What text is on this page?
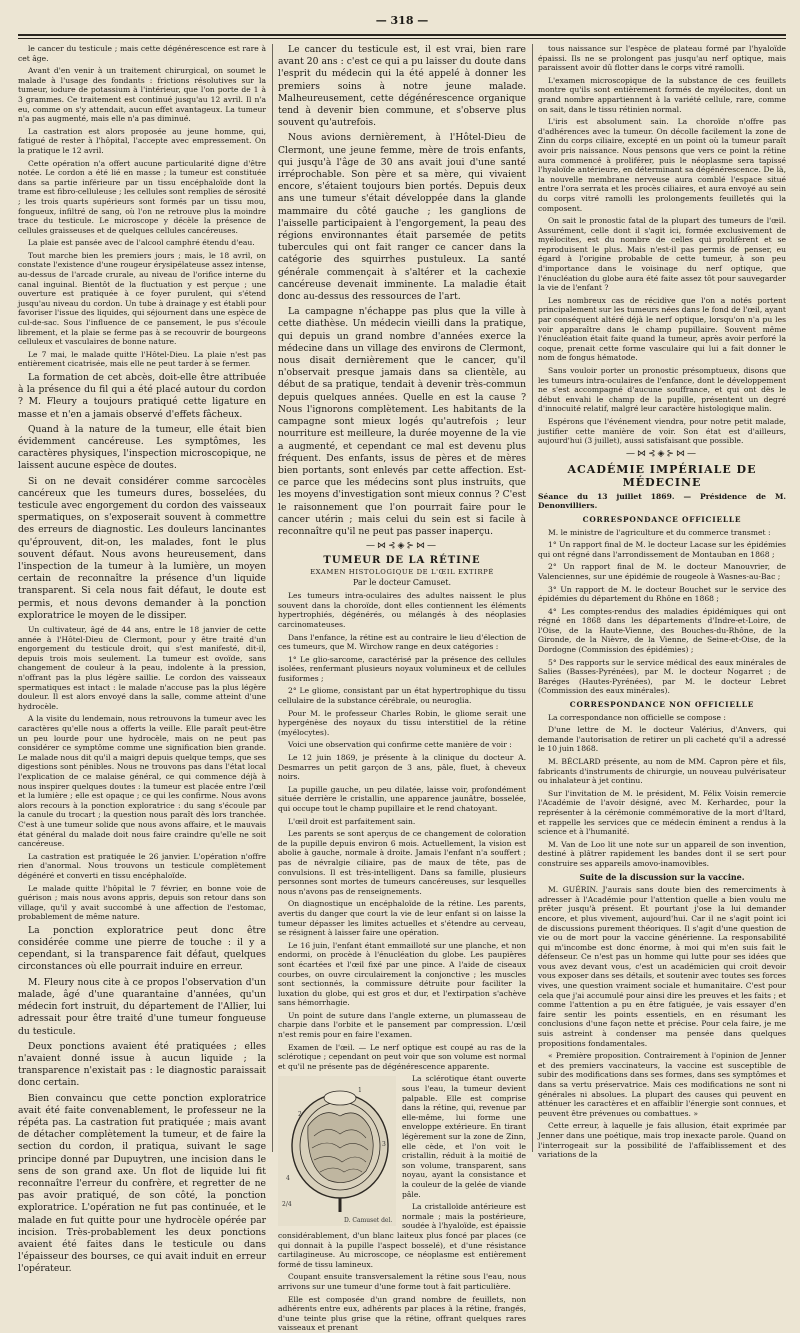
— 318 —

le cancer du testicule ; mais cette dégénérescence est rare à cet âge.

Avant d'en venir à un traitement chirurgical, on soumet le malade à l'usage des fondants : frictions résolutives sur la tumeur, iodure de potassium à l'intérieur, que l'on porte de 1 à 3 grammes. Ce traitement est continué jusqu'au 12 avril. Il n'a eu, comme on s'y attendait, aucun effet avantageux. La tumeur n'a pas augmenté, mais elle n'a pas diminué.

La castration est alors proposée au jeune homme, qui, fatigué de rester à l'hôpital, l'accepte avec empressement. On la pratique le 12 avril.

Cette opération n'a offert aucune particularité digne d'être notée. Le cordon a été lié en masse ; la tumeur est constituée dans sa partie inférieure par un tissu encéphaloïde dont la trame est fibro-celluleuse ; les cellules sont remplies de sérosité ; les trois quarts supérieurs sont formés par un tissu mou, fongueux, infiltré de sang, où l'on ne retrouve plus la moindre trace du testicule. Le microscope y décèle la présence de cellules graisseuses et de quelques cellules cancéreuses.

La plaie est pansée avec de l'alcool camphré étendu d'eau.

Tout marche bien les premiers jours ; mais, le 18 avril, on constate l'existence d'une rougeur érysipélateuse assez intense, au-dessus de l'arcade crurale, au niveau de l'orifice interne du canal inguinal. Bientôt de la fluctuation y est perçue ; une ouverture est pratiquée à ce foyer purulent, qui s'étend jusqu'au niveau du cordon. Un tube à drainage y est établi pour favoriser l'issue des liquides, qui séjournent dans une espèce de cul-de-sac. Sous l'influence de ce pansement, le pus s'écoule librement, et la plaie se ferme pas à se recouvrir de bourgeons celluleux et vasculaires de bonne nature.

Le 7 mai, le malade quitte l'Hôtel-Dieu. La plaie n'est pas entièrement cicatrisée, mais elle ne peut tarder à se fermer.

La formation de cet abcès, doit-elle être attribuée à la présence du fil qui a été placé autour du cordon ? M. Fleury a toujours pratiqué cette ligature en masse et n'en a jamais observé d'effets fâcheux.

Quand à la nature de la tumeur, elle était bien évidemment cancéreuse. Les symptômes, les caractères physiques, l'inspection microscopique, ne laissent aucune espèce de doutes.

Si on ne devait considérer comme sarcocèles cancéreux que les tumeurs dures, bosselées, du testicule avec engorgement du cordon des vaisseaux spermatiques, on s'exposerait souvent à commettre des erreurs de diagnostic. Les douleurs lancinantes qu'éprouvent, dit-on, les malades, font le plus souvent défaut. Nous avons heureusement, dans l'inspection de la tumeur à la lumière, un moyen certain de reconnaître la présence d'un liquide transparent. Si cela nous fait défaut, le doute est permis, et nous devons demander à la ponction exploratrice le moyen de le dissiper.

Un cultivateur, âgé de 44 ans, entre le 18 janvier de cette année à l'Hôtel-Dieu de Clermont, pour y être traité d'un engorgement du testicule droit, qui s'est manifesté, dit-il, depuis trois mois seulement. La tumeur est ovoïde, sans changement de couleur à la peau, indolente à la pression, n'offrant pas la plus légère saillie. Le cordon des vaisseaux spermatiques est intact : le malade n'accuse pas la plus légère douleur. Il est alors envoyé dans la salle, comme atteint d'une hydrocèle.

A la visite du lendemain, nous retrouvons la tumeur avec les caractères qu'elle nous a offerts la veille. Elle paraît peut-être un peu lourde pour une hydrocèle, mais on ne peut pas considérer ce symptôme comme une signification bien grande. Le malade nous dit qu'il a maigri depuis quelque temps, que ses digestions sont pénibles. Nous ne trouvons pas dans l'état local l'explication de ce malaise général, ce qui commence déjà à nous inspirer quelques doutes : la tumeur est placée entre l'œil et la lumière ; elle est opaque ; ce qui les confirme. Nous avons alors recours à la ponction exploratrice : du sang s'écoule par la canule du trocart ; la question nous paraît dès lors tranchée. C'est à une tumeur solide que nous avons affaire, et le mauvais état général du malade doit nous faire craindre qu'elle ne soit cancéreuse.

La castration est pratiquée le 26 janvier. L'opération n'offre rien d'anormal. Nous trouvons un testicule complètement dégénéré et converti en tissu encéphaloïde.

Le malade quitte l'hôpital le 7 février, en bonne voie de guérison ; mais nous avons appris, depuis son retour dans son village, qu'il y avait succombé à une affection de l'estomac, probablement de même nature.

La ponction exploratrice peut donc être considérée comme une pierre de touche : il y a cependant, si la transparence fait défaut, quelques circonstances où elle pourrait induire en erreur.

M. Fleury nous cite à ce propos l'observation d'un malade, âgé d'une quarantaine d'années, qu'un médecin fort instruit, du département de l'Allier, lui adressait pour être traité d'une tumeur fongueuse du testicule.

Deux ponctions avaient été pratiquées ; elles n'avaient donné issue à aucun liquide ; la transparence n'existait pas : le diagnostic paraissait donc certain.

Bien convaincu que cette ponction exploratrice avait été faite convenablement, le professeur ne la répéta pas. La castration fut pratiquée ; mais avant de détacher complètement la tumeur, et de faire la section du cordon, il pratiqua, suivant le sage principe donné par Dupuytren, une incision dans le sens de son grand axe. Un flot de liquide lui fit reconnaître l'erreur du confrère, et regretter de ne pas avoir pratiqué, de son côté, la ponction exploratrice. L'opération ne fut pas continuée, et le malade en fut quitte pour une hydrocèle opérée par incision. Très-probablement les deux ponctions avaient été faites dans le testicule ou dans l'épaisseur des bourses, ce qui avait induit en erreur l'opérateur.

Le cancer du testicule est, il est vrai, bien rare avant 20 ans : c'est ce qui a pu laisser du doute dans l'esprit du médecin qui la été appelé à donner les premiers soins à notre jeune malade. Malheureusement, cette dégénérescence organique tend à devenir bien commune, et s'observe plus souvent qu'autrefois.

Nous avions dernièrement, à l'Hôtel-Dieu de Clermont, une jeune femme, mère de trois enfants, qui jusqu'à l'âge de 30 ans avait joui d'une santé irréprochable. Son père et sa mère, qui vivaient encore, s'étaient toujours bien portés. Depuis deux ans une tumeur s'était développée dans la glande mammaire du côté gauche ; les ganglions de l'aisselle participaient à l'engorgement, la peau des régions environnantes était parsemée de petits tubercules qui ont fait ranger ce cancer dans la catégorie des squirrhes pustuleux. La santé générale commençait à s'altérer et la cachexie cancéreuse devenait imminente. La maladie était donc au-dessus des ressources de l'art.

La campagne n'échappe pas plus que la ville à cette diathèse. Un médecin vieilli dans la pratique, qui depuis un grand nombre d'années exerce la médecine dans un village des environs de Clermont, nous disait dernièrement que le cancer, qu'il n'observait presque jamais dans sa clientèle, au début de sa pratique, tendait à devenir très-commun depuis quelques années. Quelle en est la cause ? Nous l'ignorons complètement. Les habitants de la campagne sont mieux logés qu'autrefois ; leur nourriture est meilleure, la durée moyenne de la vie a augmenté, et cependant ce mal est devenu plus fréquent. Des enfants, issus de pères et de mères bien portants, sont enlevés par cette affection. Est-ce parce que les médecins sont plus instruits, que les moyens d'investigation sont mieux connus ? C'est le raisonnement que l'on pourrait faire pour le cancer utérin ; mais celui du sein est si facile à reconnaître qu'il ne peut pas passer inaperçu.

—⋈⊰◈⊱⋈—

TUMEUR DE LA RÉTINE

EXAMEN HISTOLOGIQUE DE L'ŒIL EXTIRPÉ

Par le docteur Camuset.

Les tumeurs intra-oculaires des adultes naissent le plus souvent dans la choroïde, dont elles contiennent les éléments hypertrophiés, dégénérés, ou mélangés à des néoplasies carcinomateuses.

Dans l'enfance, la rétine est au contraire le lieu d'élection de ces tumeurs, que M. Wirchow range en deux catégories :

1° Le glio-sarcome, caractérisé par la présence des cellules isolées, renfermant plusieurs noyaux volumineux et de cellules fusiformes ;

2° Le gliome, consistant par un état hypertrophique du tissu cellulaire de la substance cérébrale, ou neuroglia.

Pour M. le professeur Charles Robin, le gliome serait une hypergénèse des noyaux du tissu interstitiel de la rétine (myélocytes).

Voici une observation qui confirme cette manière de voir :

Le 12 juin 1869, je présente à la clinique du docteur A. Desmarres un petit garçon de 3 ans, pâle, fluet, à cheveux noirs.

La pupille gauche, un peu dilatée, laisse voir, profondément située derrière le cristallin, une apparence jaunâtre, bosselée, qui occupe tout le champ pupillaire et le rend chatoyant.

L'œil droit est parfaitement sain.

Les parents se sont aperçus de ce changement de coloration de la pupille depuis environ 6 mois. Actuellement, la vision est abolie à gauche, normale à droite. Jamais l'enfant n'a souffert ; pas de névralgie ciliaire, pas de maux de tête, pas de convulsions. Il est très-intelligent. Dans sa famille, plusieurs personnes sont mortes de tumeurs cancéreuses, sur lesquelles nous n'avons pas de renseignements.

On diagnostique un encéphaloïde de la rétine. Les parents, avertis du danger que court la vie de leur enfant si on laisse la tumeur dépasser les limites actuelles et s'étendre au cerveau, se résignent à laisser faire une opération.

Le 16 juin, l'enfant étant emmailloté sur une planche, et non endormi, on procède à l'énucléation du globe. Les paupières sont écartées et l'œil fixé par une pince. A l'aide de ciseaux courbes, on ouvre circulairement la conjonctive ; les muscles sont sectionnés, la commissure détruite pour faciliter la luxation du globe, qui est gros et dur, et l'extirpation s'achève sans hémorrhagie.

Un point de suture dans l'angle externe, un plumasseau de charpie dans l'orbite et le pansement par compression. L'œil n'est remis pour en faire l'examen.

Examen de l'œil. — Le nerf optique est coupé au ras de la sclérotique ; cependant on peut voir que son volume est normal et qu'il ne présente pas de dégénérescence apparente.

1
2
3
4
2/4
D. Camuset del.

La sclérotique étant ouverte sous l'eau, la tumeur devient palpable. Elle est comprise dans la rétine, qui, revenue par elle-même, lui forme une enveloppe extérieure. En tirant légèrement sur la zone de Zinn, elle cède, et l'on voit le cristallin, réduit à la moitié de son volume, transparent, sans noyau, ayant la consistance et la couleur de la gelée de viande pâle.

La cristalloïde antérieure est normale ; mais la postérieure, soudée à l'hyaloïde, est épaissie considérablement, d'un blanc laiteux plus foncé par places (ce qui donnait à la pupille l'aspect bosselé), et d'une résistance cartilagineuse. Au microscope, ce néoplasme est entièrement formé de tissu lamineux.

Coupant ensuite transversalement la rétine sous l'eau, nous arrivons sur une tumeur d'une forme tout à fait particulière.

Elle est composée d'un grand nombre de feuillets, non adhérents entre eux, adhérents par places à la rétine, frangés, d'une teinte plus grise que la rétine, offrant quelques rares vaisseaux et prenant

tous naissance sur l'espèce de plateau formé par l'hyaloïde épaissi. Ils ne se prolongent pas jusqu'au nerf optique, mais paraissent avoir dû flotter dans le corps vitré ramolli.

L'examen microscopique de la substance de ces feuillets montre qu'ils sont entièrement formés de myélocites, dont un grand nombre appartiennent à la variété cellule, rare, comme on sait, dans le tissu rétinien normal.

L'iris est absolument sain. La choroïde n'offre pas d'adhérences avec la tumeur. On décolle facilement la zone de Zinn du corps ciliaire, excepté en un point où la tumeur paraît avoir pris naissance. Nous pensons que vers ce point la rétine aura commencé à proliférer, puis le néoplasme sera tapissé l'hyaloïde antérieure, en déterminant sa dégénérescence. De là, la nouvelle membrane nerveuse aura comblé l'espace situé entre l'ora serrata et les procès ciliaires, et aura envoyé au sein du corps vitré ramolli les prolongements feuilletés qui la composent.

On sait le pronostic fatal de la plupart des tumeurs de l'œil. Assurément, celle dont il s'agit ici, formée exclusivement de myélocites, est du nombre de celles qui prolifèrent et se reproduisent le plus. Mais n'est-il pas permis de penser, eu égard à l'origine probable de cette tumeur, à son peu d'importance dans le voisinage du nerf optique, que l'énucléation du globe aura été faite assez tôt pour sauvegarder la vie de l'enfant ?

Les nombreux cas de récidive que l'on a notés portent principalement sur les tumeurs nées dans le fond de l'œil, ayant par conséquent altéré déjà le nerf optique, lorsqu'on n'a pu les voir apparaître dans le champ pupillaire. Souvent même l'énucléation était faite quand la tumeur, après avoir perforé la coque, prenait cette forme vasculaire qui lui a fait donner le nom de fongus hématode.

Sans vouloir porter un pronostic présomptueux, disons que les tumeurs intra-oculaires de l'enfance, dont le développement ne s'est accompagné d'aucune souffrance, et qui ont dès le début envahi le champ de la pupille, présentent un degré d'innocuité relatif, malgré leur caractère histologique malin.

Espérons que l'événement viendra, pour notre petit malade, justifier cette manière de voir. Son état est d'ailleurs, aujourd'hui (3 juillet), aussi satisfaisant que possible.

—⋈⊰◈⊱⋈—

ACADÉMIE IMPÉRIALE DE MÉDECINE

Séance du 13 juillet 1869. — Présidence de M. Denonvilliers.

CORRESPONDANCE OFFICIELLE

M. le ministre de l'agriculture et du commerce transmet :

1° Un rapport final de M. le docteur Lacase sur les épidémies qui ont régné dans l'arrondissement de Montauban en 1868 ;

2° Un rapport final de M. le docteur Manouvrier, de Valenciennes, sur une épidémie de rougeole à Wasnes-au-Bac ;

3° Un rapport de M. le docteur Bouchet sur le service des épidémies du département du Rhône en 1868 ;

4° Les comptes-rendus des maladies épidémiques qui ont régné en 1868 dans les départements d'Indre-et-Loire, de l'Oise, de la Haute-Vienne, des Bouches-du-Rhône, de la Gironde, de la Nièvre, de la Vienne, de Seine-et-Oise, de la Dordogne (Commission des épidémies) ;

5° Des rapports sur le service médical des eaux minérales de Salies (Basses-Pyrénées), par M. le docteur Nogarret ; de Baréges (Hautes-Pyrénées), par M. le docteur Lebret (Commission des eaux minérales).

CORRESPONDANCE NON OFFICIELLE

La correspondance non officielle se compose :

D'une lettre de M. le docteur Valérius, d'Anvers, qui demande l'autorisation de retirer un pli cacheté qu'il a adressé le 10 juin 1868.

M. BÉCLARD présente, au nom de MM. Capron père et fils, fabricants d'instruments de chirurgie, un nouveau pulvérisateur ou inhalateur à jet continu.

Sur l'invitation de M. le président, M. Félix Voisin remercie l'Académie de l'avoir désigné, avec M. Kerhardec, pour la représenter à la cérémonie commémorative de la mort d'Itard, et rappelle les services que ce médecin éminent a rendus à la science et à l'humanité.

M. Van de Loo lit une note sur un appareil de son invention, destiné à plâtrer rapidement les bandes dont il se sert pour construire ses appareils amovo-inamovibles.

Suite de la discussion sur la vaccine.

M. GUÉRIN. J'aurais sans doute bien des remerciments à adresser à l'Académie pour l'attention quelle a bien voulu me prêter jusqu'à présent. Et pourtant j'ose la lui demander encore, et plus vivement, aujourd'hui. Car il ne s'agit point ici de discussions purement théoriques. Il s'agit d'une question de vie ou de mort pour la vaccine générienne. La responsabilité qui m'incombe est donc énorme, à moi qui m'en suis fait le défenseur. Ce n'est pas un homme qui lutte pour ses idées que vous avez devant vous, c'est un académicien qui croit devoir vous exposer dans ses détails, et soutenir avec toutes ses forces vives, une question vraiment sociale et humanitaire. C'est pour cela que j'ai accumulé pour ainsi dire les preuves et les faits ; et comme l'attention a pu en être fatiguée, je vais essayer d'en faire sentir les points essentiels, en en résumant les conclusions d'une façon nette et précise. Pour cela faire, je me suis astreint à condenser ma pensée dans quelques propositions fondamentales.

« Première proposition. Contrairement à l'opinion de Jenner et des premiers vaccinateurs, la vaccine est susceptible de subir des modifications dans ses formes, dans ses symptômes et dans sa vertu préservatrice. Mais ces modifications ne sont ni générales ni absolues. La plupart des causes qui peuvent en atténuer les caractères et en affaiblir l'énergie sont connues, et peuvent être prévenues ou combattues. »

Cette erreur, à laquelle je fais allusion, était exprimée par Jenner dans une poétique, mais trop inexacte parole. Quand on l'interrogeait sur la possibilité de l'affaiblissement et des variations de la
